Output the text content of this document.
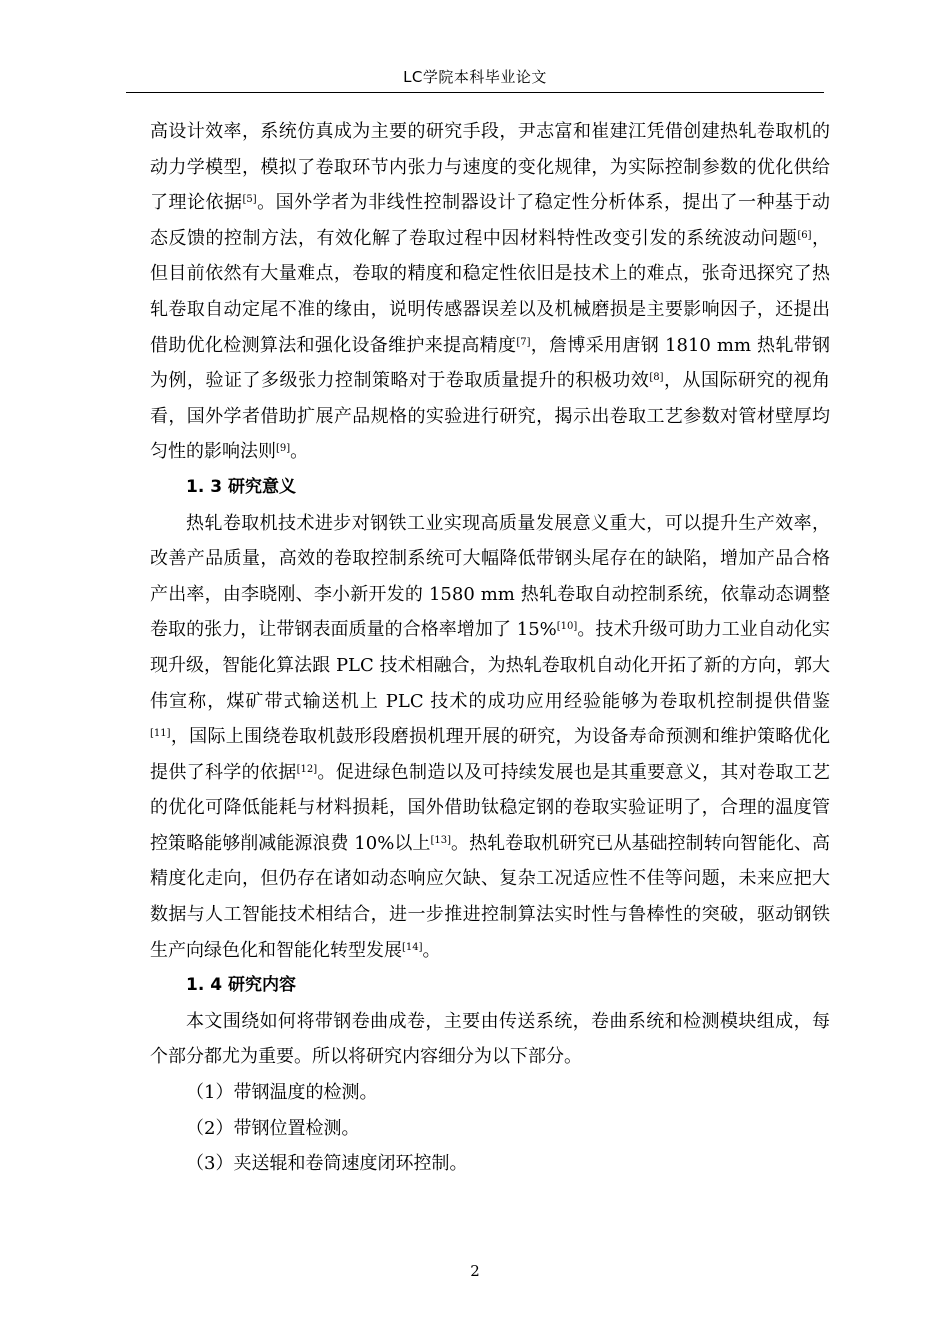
LC学院本科毕业论文

高设计效率，系统仿真成为主要的研究手段，尹志富和崔建江凭借创建热轧卷取机的动力学模型，模拟了卷取环节内张力与速度的变化规律，为实际控制参数的优化供给了理论依据[5]。国外学者为非线性控制器设计了稳定性分析体系，提出了一种基于动态反馈的控制方法，有效化解了卷取过程中因材料特性改变引发的系统波动问题[6]，但目前依然有大量难点，卷取的精度和稳定性依旧是技术上的难点，张奇迅探究了热轧卷取自动定尾不准的缘由，说明传感器误差以及机械磨损是主要影响因子，还提出借助优化检测算法和强化设备维护来提高精度[7]，詹博采用唐钢 1810 mm 热轧带钢为例，验证了多级张力控制策略对于卷取质量提升的积极功效[8]，从国际研究的视角看，国外学者借助扩展产品规格的实验进行研究，揭示出卷取工艺参数对管材壁厚均匀性的影响法则[9]。

1. 3 研究意义

热轧卷取机技术进步对钢铁工业实现高质量发展意义重大，可以提升生产效率，改善产品质量，高效的卷取控制系统可大幅降低带钢头尾存在的缺陷，增加产品合格产出率，由李晓刚、李小新开发的 1580 mm 热轧卷取自动控制系统，依靠动态调整卷取的张力，让带钢表面质量的合格率增加了 15%[10]。技术升级可助力工业自动化实现升级，智能化算法跟 PLC 技术相融合，为热轧卷取机自动化开拓了新的方向，郭大伟宣称，煤矿带式输送机上 PLC 技术的成功应用经验能够为卷取机控制提供借鉴[11]，国际上围绕卷取机鼓形段磨损机理开展的研究，为设备寿命预测和维护策略优化提供了科学的依据[12]。促进绿色制造以及可持续发展也是其重要意义，其对卷取工艺的优化可降低能耗与材料损耗，国外借助钛稳定钢的卷取实验证明了，合理的温度管控策略能够削减能源浪费 10%以上[13]。热轧卷取机研究已从基础控制转向智能化、高精度化走向，但仍存在诸如动态响应欠缺、复杂工况适应性不佳等问题，未来应把大数据与人工智能技术相结合，进一步推进控制算法实时性与鲁棒性的突破，驱动钢铁生产向绿色化和智能化转型发展[14]。

1. 4 研究内容

本文围绕如何将带钢卷曲成卷，主要由传送系统，卷曲系统和检测模块组成，每个部分都尤为重要。所以将研究内容细分为以下部分。

（1）带钢温度的检测。

（2）带钢位置检测。

（3）夹送辊和卷筒速度闭环控制。

2
